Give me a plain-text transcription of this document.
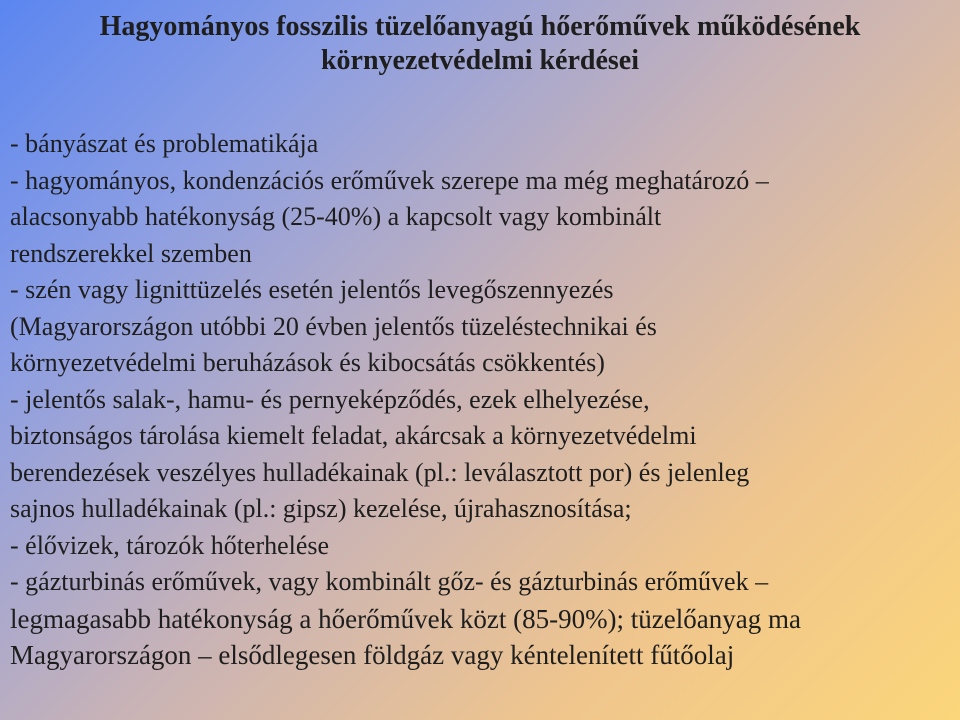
Hagyományos fosszilis tüzelőanyagú hőerőművek működésének
környezetvédelmi kérdései
- bányászat és problematikája
- hagyományos, kondenzációs erőművek szerepe ma még meghatározó –
alacsonyabb hatékonyság (25-40%) a kapcsolt vagy kombinált
rendszerekkel szemben
- szén vagy lignittüzelés esetén jelentős levegőszennyezés
(Magyarországon utóbbi 20 évben jelentős tüzeléstechnikai és
környezetvédelmi beruházások és kibocsátás csökkentés)
- jelentős salak-, hamu- és pernyeképződés, ezek elhelyezése,
biztonságos tárolása kiemelt feladat, akárcsak a környezetvédelmi
berendezések veszélyes hulladékainak (pl.: leválasztott por) és jelenleg
sajnos hulladékainak (pl.: gipsz) kezelése, újrahasznosítása;
- élővizek, tározók hőterhelése
- gázturbinás erőművek, vagy kombinált gőz- és gázturbinás erőművek –
legmagasabb hatékonyság a hőerőművek közt (85-90%); tüzelőanyag ma
Magyarországon – elsődlegesen földgáz vagy kéntelenített fűtőolaj
